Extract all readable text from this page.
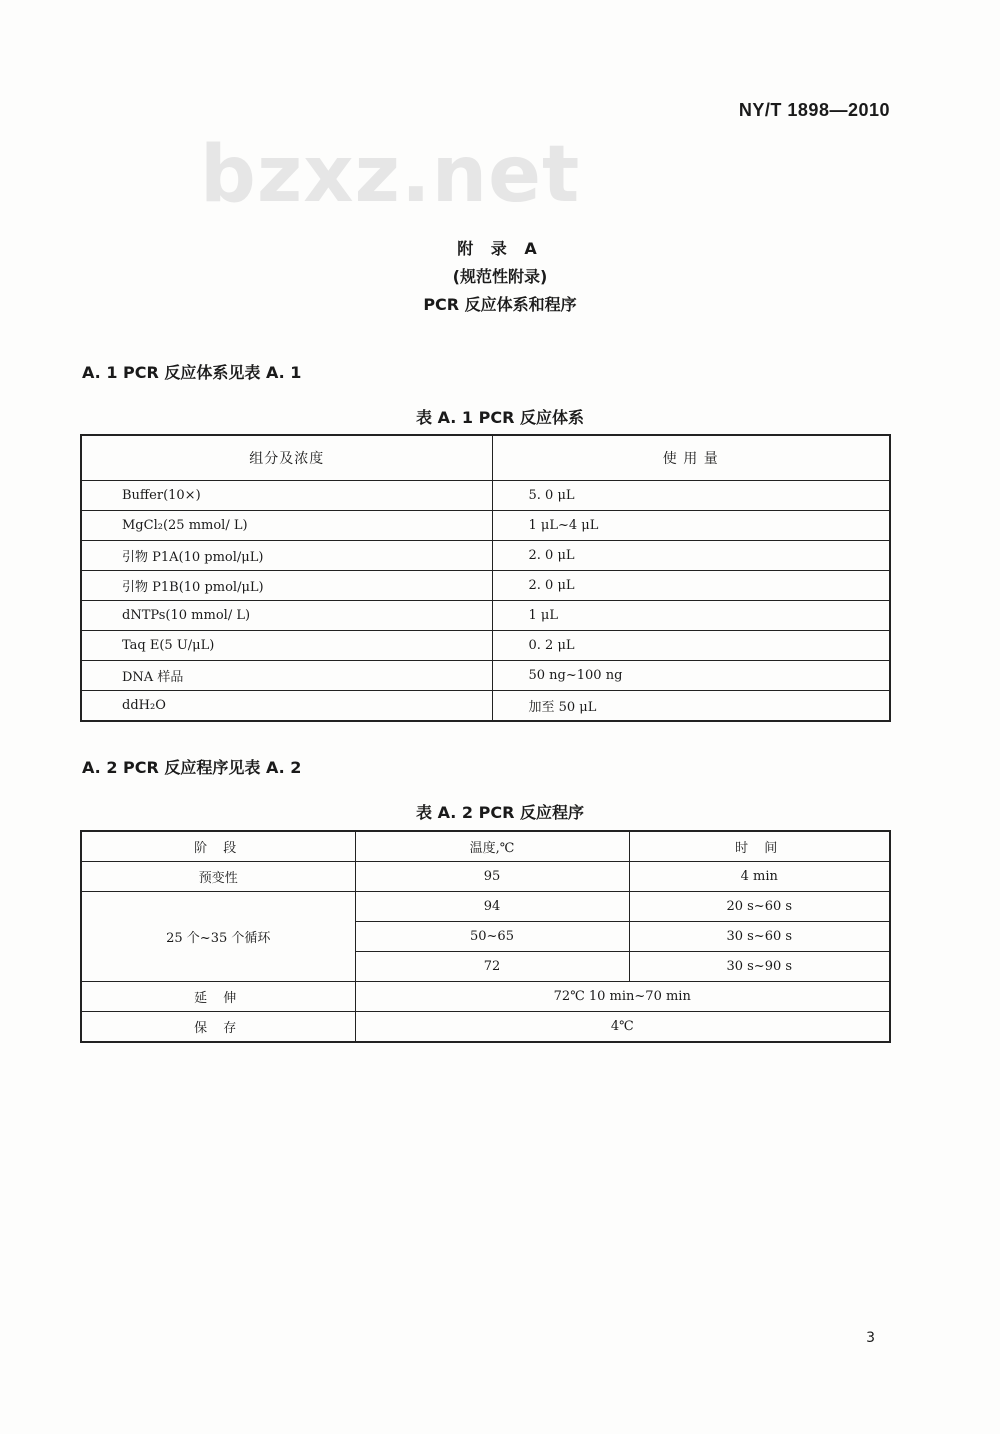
NY/T 1898—2010
bzxz.net
附 录 A
(规范性附录)
PCR 反应体系和程序
A. 1 PCR 反应体系见表 A. 1
表 A. 1 PCR 反应体系
组分及浓度	使 用 量
Buffer(10×)	5. 0 μL
MgCl₂(25 mmol/ L)	1 μL~4 μL
引物 P1A(10 pmol/μL)	2. 0 μL
引物 P1B(10 pmol/μL)	2. 0 μL
dNTPs(10 mmol/ L)	1 μL
Taq E(5 U/μL)	0. 2 μL
DNA 样品	50 ng~100 ng
ddH₂O	加至 50 μL
A. 2 PCR 反应程序见表 A. 2
表 A. 2 PCR 反应程序
阶 段	温度,℃	时 间
预变性	95	4 min
25 个~35 个循环	94	20 s~60 s
	50~65	30 s~60 s
	72	30 s~90 s
延 伸	72℃ 10 min~70 min	
保 存	4℃	
3
